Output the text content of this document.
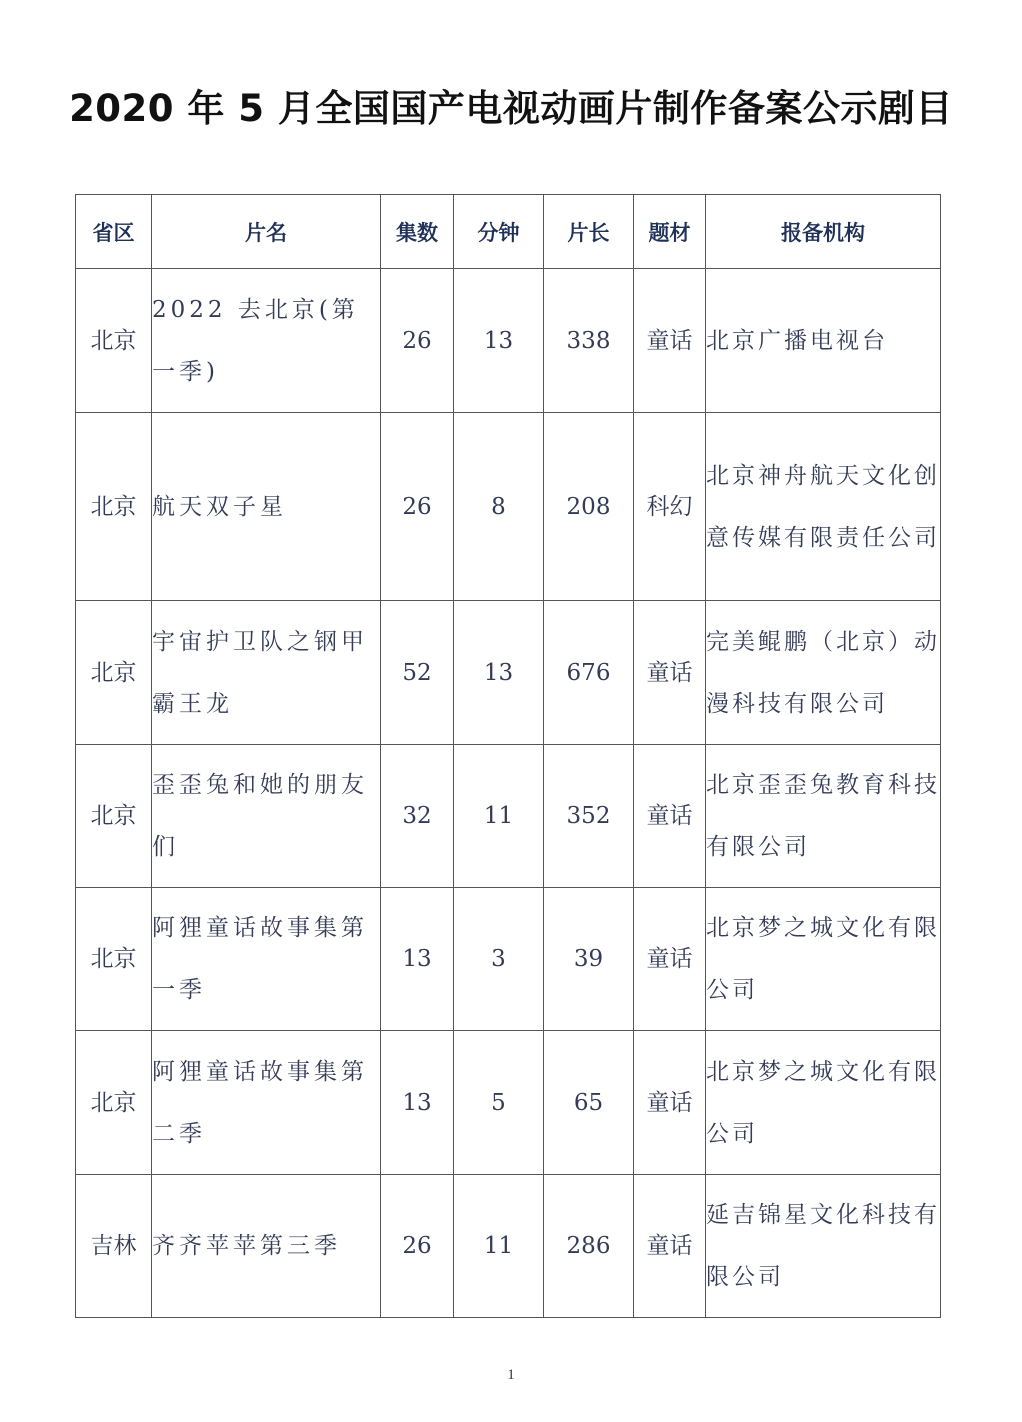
2020 年 5 月全国国产电视动画片制作备案公示剧目
省区	片名	集数	分钟	片长	题材	报备机构
北京	2022 去北京(第一季)	26	13	338	童话	北京广播电视台
北京	航天双子星	26	8	208	科幻	北京神舟航天文化创意传媒有限责任公司
北京	宇宙护卫队之钢甲霸王龙	52	13	676	童话	完美鲲鹏（北京）动漫科技有限公司
北京	歪歪兔和她的朋友们	32	11	352	童话	北京歪歪兔教育科技有限公司
北京	阿狸童话故事集第一季	13	3	39	童话	北京梦之城文化有限公司
北京	阿狸童话故事集第二季	13	5	65	童话	北京梦之城文化有限公司
吉林	齐齐苹苹第三季	26	11	286	童话	延吉锦星文化科技有限公司
1
